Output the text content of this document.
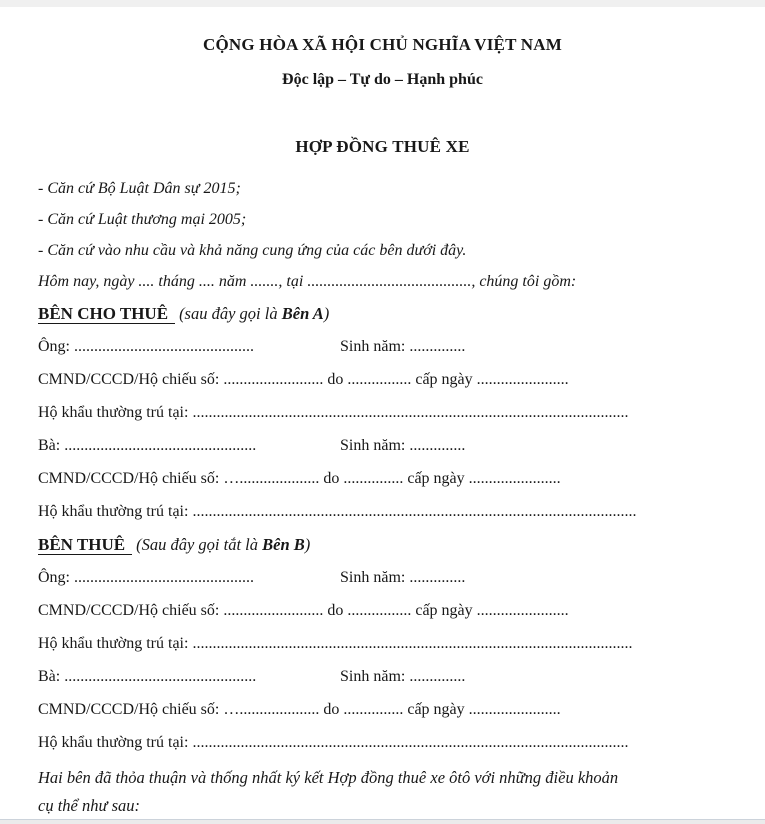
CỘNG HÒA XÃ HỘI CHỦ NGHĨA VIỆT NAM
Độc lập – Tự do – Hạnh phúc
HỢP ĐỒNG THUÊ XE

- Căn cứ Bộ Luật Dân sự 2015;

- Căn cứ Luật thương mại 2005;

- Căn cứ vào nhu cầu và khả năng cung ứng của các bên dưới đây.

Hôm nay, ngày .... tháng .... năm ......., tại ........................................., chúng tôi gồm:

BÊN CHO THUÊ (sau đây gọi là Bên A)
Ông: .............................................	Sinh năm: ..............
CMND/CCCD/Hộ chiếu số: ......................... do ................ cấp ngày .......................
Hộ khẩu thường trú tại: .............................................................................................................
Bà: ................................................	Sinh năm: ..............
CMND/CCCD/Hộ chiếu số: ….................... do ............... cấp ngày .......................
Hộ khẩu thường trú tại: ...............................................................................................................
BÊN THUÊ (Sau đây gọi tắt là Bên B)
Ông: .............................................	Sinh năm: ..............
CMND/CCCD/Hộ chiếu số: ......................... do ................ cấp ngày .......................
Hộ khẩu thường trú tại: ..............................................................................................................
Bà: ................................................	Sinh năm: ..............
CMND/CCCD/Hộ chiếu số: ….................... do ............... cấp ngày .......................
Hộ khẩu thường trú tại: .............................................................................................................
Hai bên đã thỏa thuận và thống nhất ký kết Hợp đồng thuê xe ôtô với những điều khoản
cụ thể như sau:
